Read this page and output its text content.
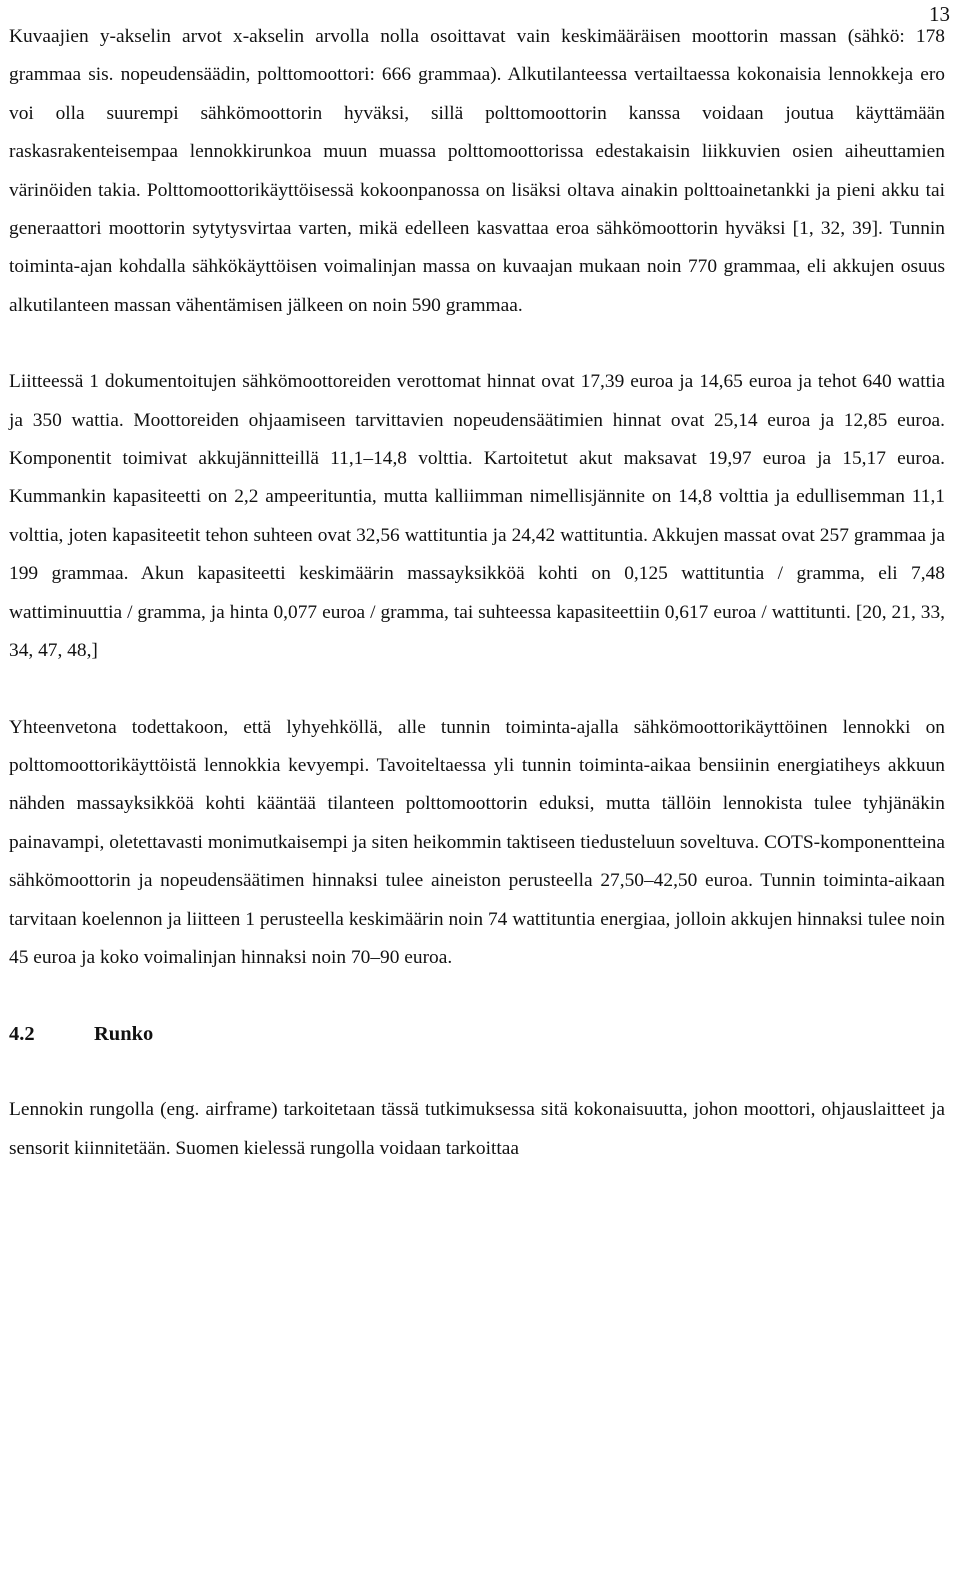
13

Kuvaajien y-akselin arvot x-akselin arvolla nolla osoittavat vain keskimääräisen moottorin massan (sähkö: 178 grammaa sis. nopeudensäädin, polttomoottori: 666 grammaa). Alkutilanteessa vertailtaessa kokonaisia lennokkeja ero voi olla suurempi sähkömoottorin hyväksi, sillä polttomoottorin kanssa voidaan joutua käyttämään raskasrakenteisempaa lennokkirunkoa muun muassa polttomoottorissa edestakaisin liikkuvien osien aiheuttamien värinöiden takia. Polttomoottorikäyttöisessä kokoonpanossa on lisäksi oltava ainakin polttoainetankki ja pieni akku tai generaattori moottorin sytytysvirtaa varten, mikä edelleen kasvattaa eroa sähkömoottorin hyväksi [1, 32, 39]. Tunnin toiminta-ajan kohdalla sähkökäyttöisen voimalinjan massa on kuvaajan mukaan noin 770 grammaa, eli akkujen osuus alkutilanteen massan vähentämisen jälkeen on noin 590 grammaa.

Liitteessä 1 dokumentoitujen sähkömoottoreiden verottomat hinnat ovat 17,39 euroa ja 14,65 euroa ja tehot 640 wattia ja 350 wattia. Moottoreiden ohjaamiseen tarvittavien nopeudensäätimien hinnat ovat 25,14 euroa ja 12,85 euroa. Komponentit toimivat akkujännitteillä 11,1–14,8 volttia. Kartoitetut akut maksavat 19,97 euroa ja 15,17 euroa. Kummankin kapasiteetti on 2,2 ampeerituntia, mutta kalliimman nimellisjännite on 14,8 volttia ja edullisemman 11,1 volttia, joten kapasiteetit tehon suhteen ovat 32,56 wattituntia ja 24,42 wattituntia. Akkujen massat ovat 257 grammaa ja 199 grammaa. Akun kapasiteetti keskimäärin massayksikköä kohti on 0,125 wattituntia / gramma, eli 7,48 wattiminuuttia / gramma, ja hinta 0,077 euroa / gramma, tai suhteessa kapasiteettiin 0,617 euroa / wattitunti. [20, 21, 33, 34, 47, 48,]

Yhteenvetona todettakoon, että lyhyehköllä, alle tunnin toiminta-ajalla sähkömoottorikäyttöinen lennokki on polttomoottorikäyttöistä lennokkia kevyempi. Tavoiteltaessa yli tunnin toiminta-aikaa bensiinin energiatiheys akkuun nähden massayksikköä kohti kääntää tilanteen polttomoottorin eduksi, mutta tällöin lennokista tulee tyhjänäkin painavampi, oletettavasti monimutkaisempi ja siten heikommin taktiseen tiedusteluun soveltuva. COTS-komponentteina sähkömoottorin ja nopeudensäätimen hinnaksi tulee aineiston perusteella 27,50–42,50 euroa. Tunnin toiminta-aikaan tarvitaan koelennon ja liitteen 1 perusteella keskimäärin noin 74 wattituntia energiaa, jolloin akkujen hinnaksi tulee noin 45 euroa ja koko voimalinjan hinnaksi noin 70–90 euroa.

4.2	Runko

Lennokin rungolla (eng. airframe) tarkoitetaan tässä tutkimuksessa sitä kokonaisuutta, johon moottori, ohjauslaitteet ja sensorit kiinnitetään. Suomen kielessä rungolla voidaan tarkoittaa
